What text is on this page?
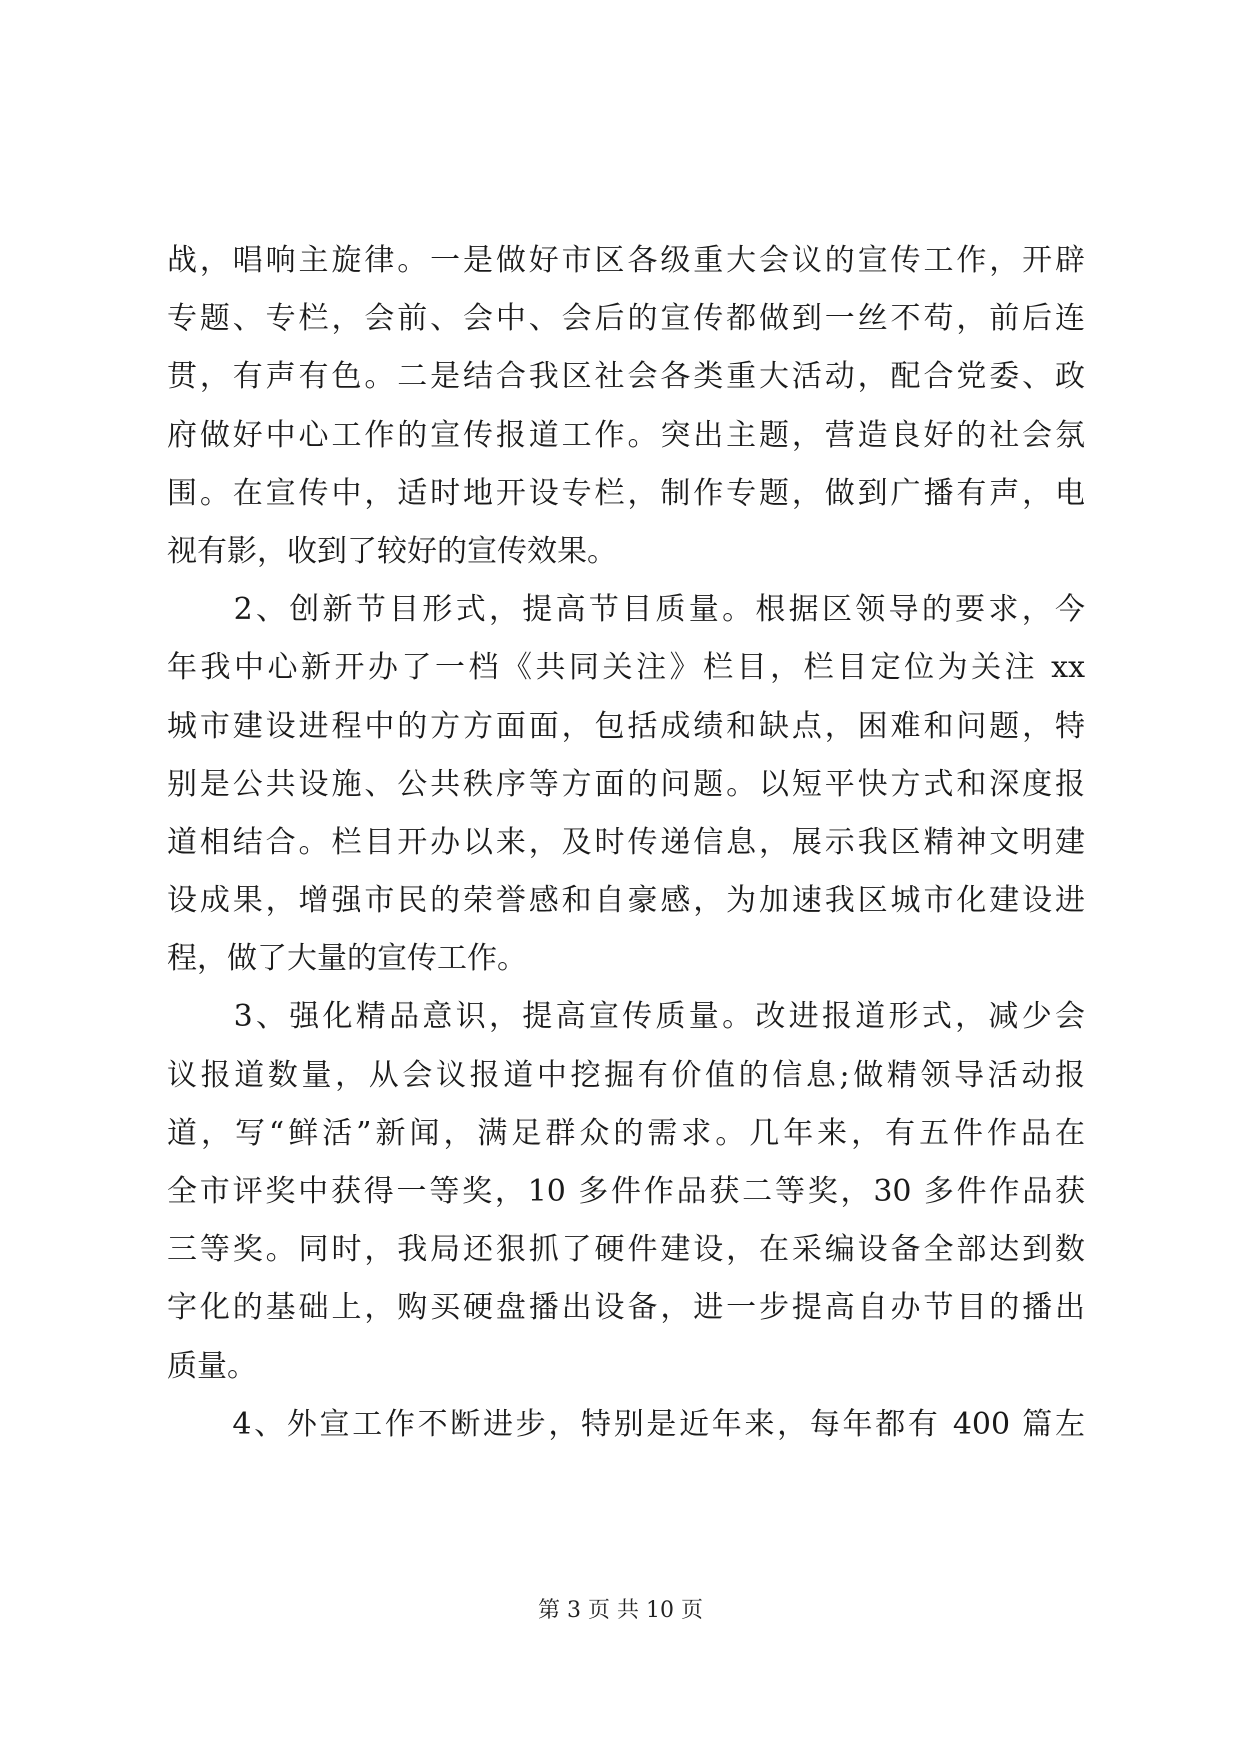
战，唱响主旋律。一是做好市区各级重大会议的宣传工作，开辟
专题、专栏，会前、会中、会后的宣传都做到一丝不苟，前后连
贯，有声有色。二是结合我区社会各类重大活动，配合党委、政
府做好中心工作的宣传报道工作。突出主题，营造良好的社会氛
围。在宣传中，适时地开设专栏，制作专题，做到广播有声，电
视有影，收到了较好的宣传效果。
　　2、创新节目形式，提高节目质量。根据区领导的要求，今
年我中心新开办了一档《共同关注》栏目，栏目定位为关注 xx
城市建设进程中的方方面面，包括成绩和缺点，困难和问题，特
别是公共设施、公共秩序等方面的问题。以短平快方式和深度报
道相结合。栏目开办以来，及时传递信息，展示我区精神文明建
设成果，增强市民的荣誉感和自豪感，为加速我区城市化建设进
程，做了大量的宣传工作。
　　3、强化精品意识，提高宣传质量。改进报道形式，减少会
议报道数量，从会议报道中挖掘有价值的信息;做精领导活动报
道，写“鲜活”新闻，满足群众的需求。几年来，有五件作品在
全市评奖中获得一等奖，10 多件作品获二等奖，30 多件作品获
三等奖。同时，我局还狠抓了硬件建设，在采编设备全部达到数
字化的基础上，购买硬盘播出设备，进一步提高自办节目的播出
质量。
　　4、外宣工作不断进步，特别是近年来，每年都有 400 篇左
第 3 页 共 10 页
